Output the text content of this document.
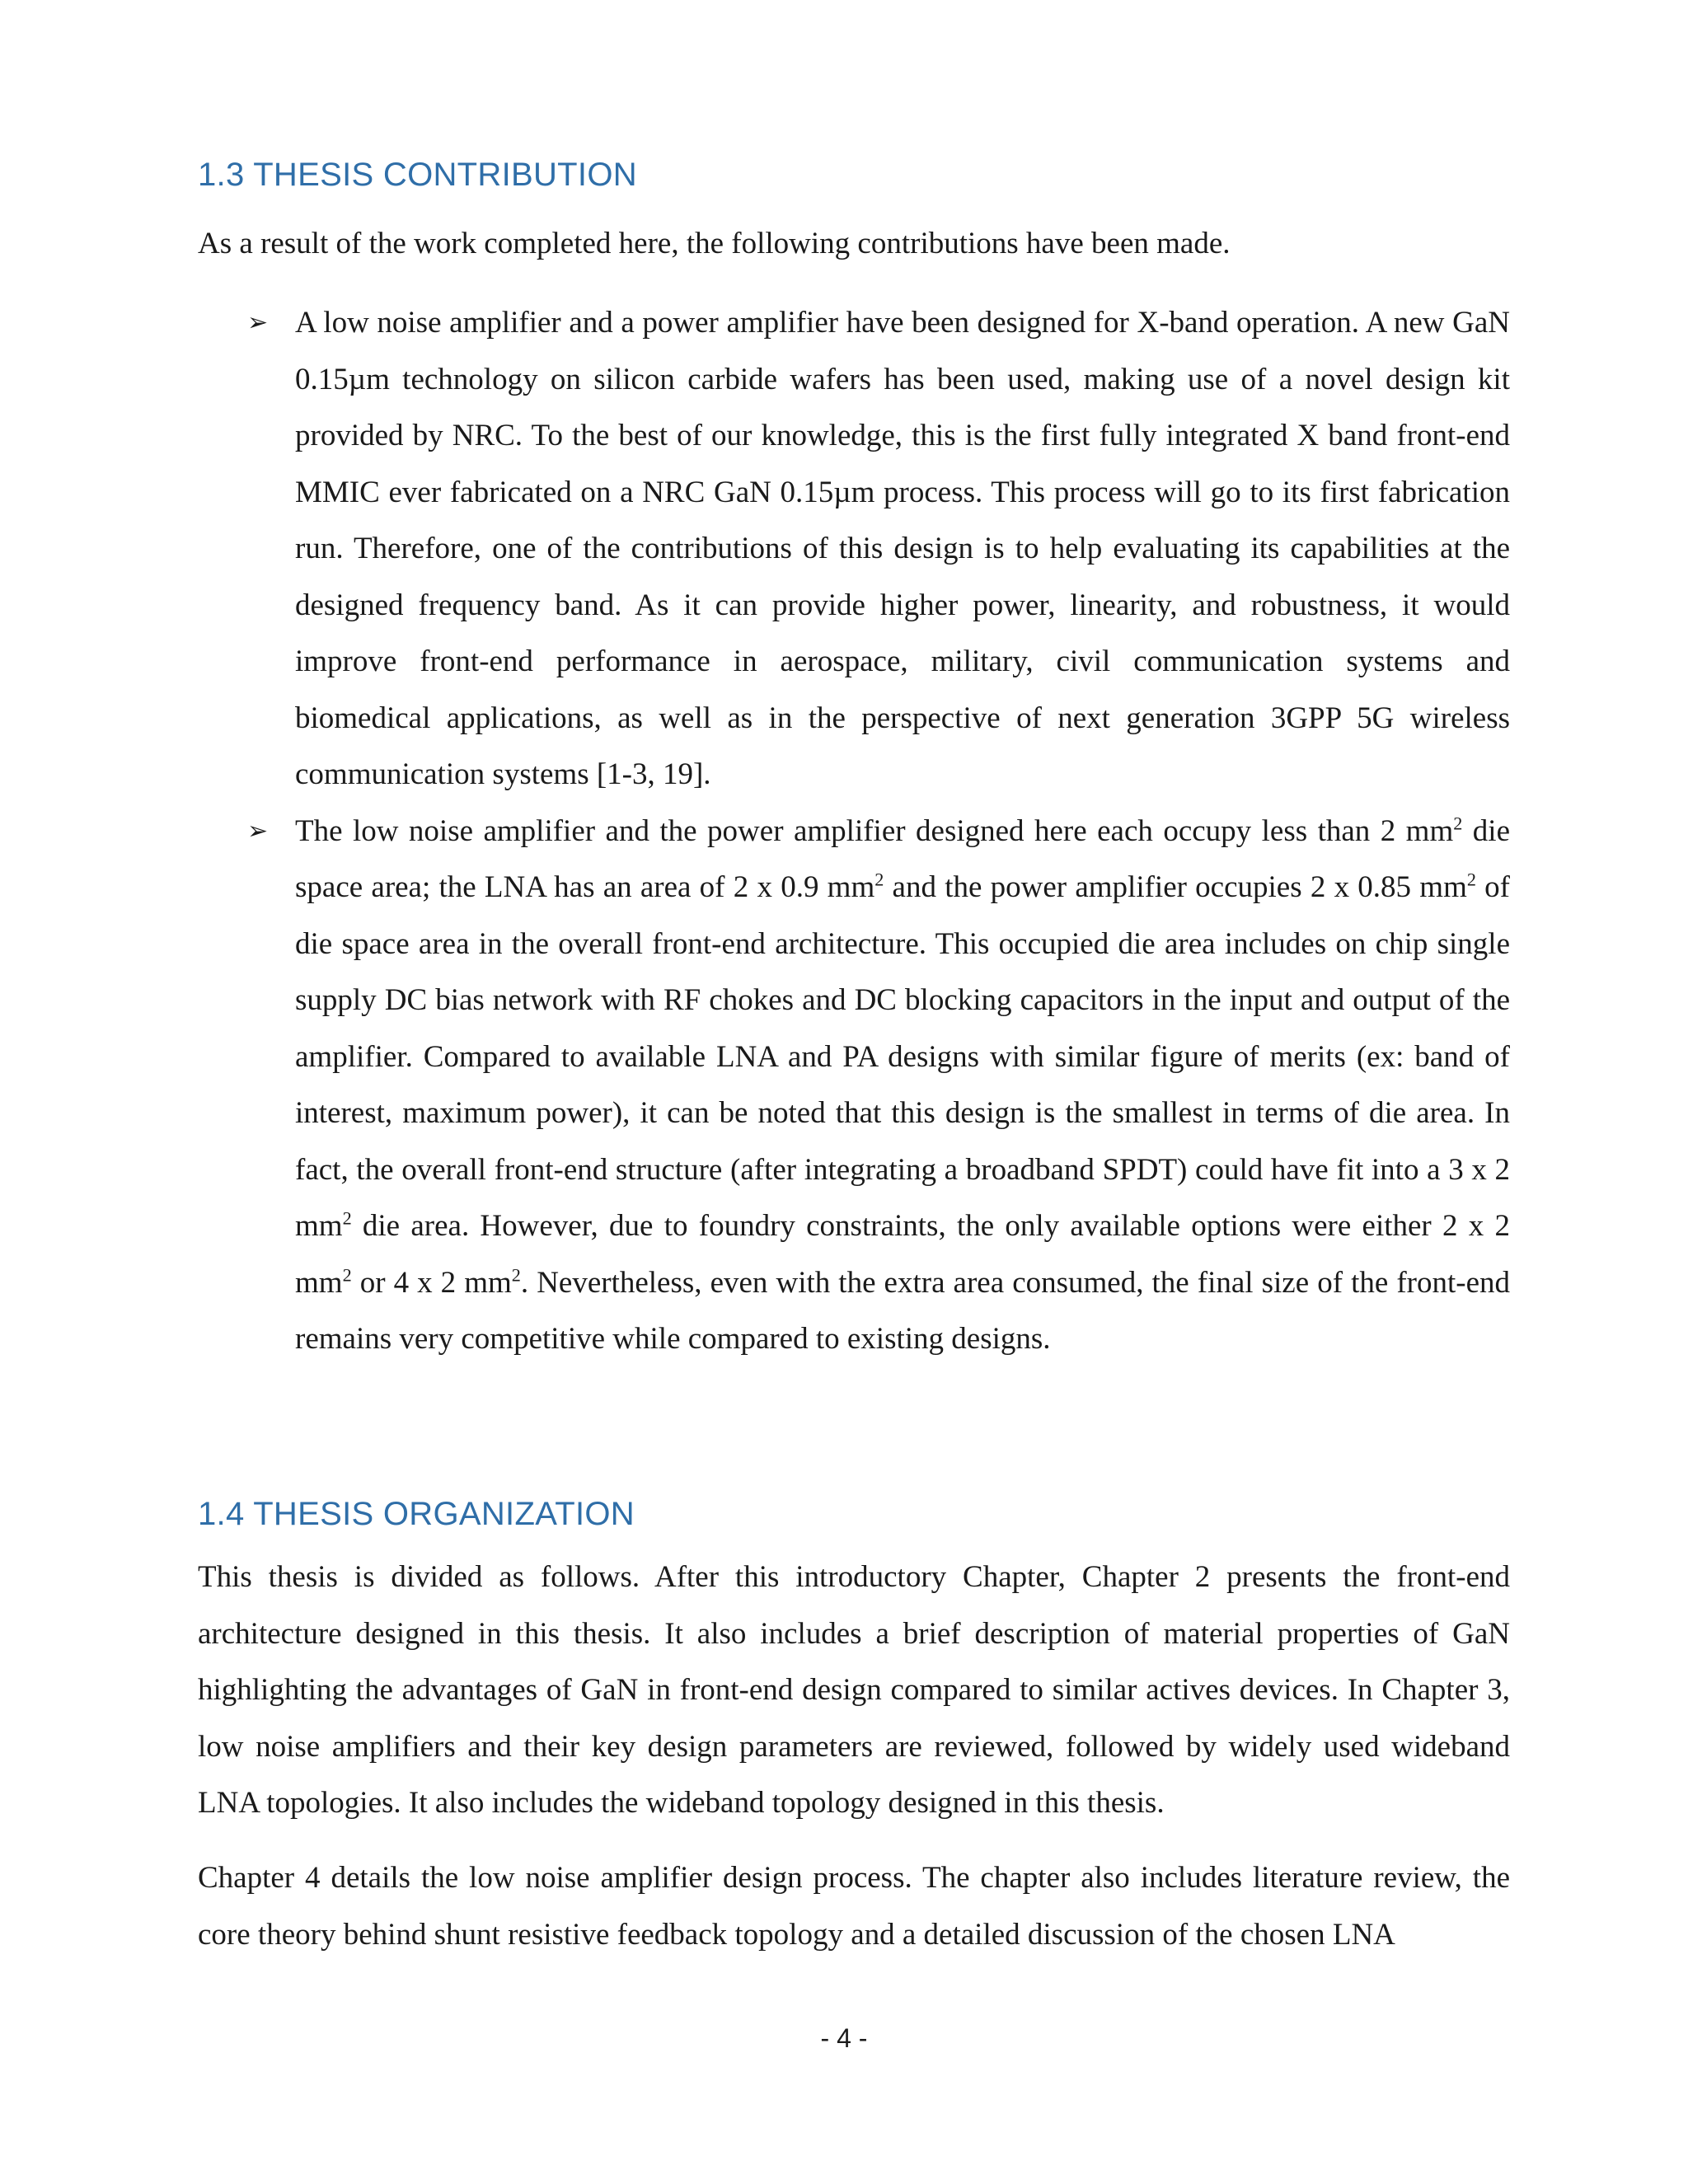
1.3 THESIS CONTRIBUTION

As a result of the work completed here, the following contributions have been made.

➢ A low noise amplifier and a power amplifier have been designed for X-band operation. A new GaN 0.15µm technology on silicon carbide wafers has been used, making use of a novel design kit provided by NRC. To the best of our knowledge, this is the first fully integrated X band front-end MMIC ever fabricated on a NRC GaN 0.15µm process. This process will go to its first fabrication run. Therefore, one of the contributions of this design is to help evaluating its capabilities at the designed frequency band. As it can provide higher power, linearity, and robustness, it would improve front-end performance in aerospace, military, civil communication systems and biomedical applications, as well as in the perspective of next generation 3GPP 5G wireless communication systems [1-3, 19].
➢ The low noise amplifier and the power amplifier designed here each occupy less than 2 $mm^2$ die space area; the LNA has an area of 2 x 0.9 $mm^2$ and the power amplifier occupies 2 x 0.85 $mm^2$ of die space area in the overall front-end architecture. This occupied die area includes on chip single supply DC bias network with RF chokes and DC blocking capacitors in the input and output of the amplifier. Compared to available LNA and PA designs with similar figure of merits (ex: band of interest, maximum power), it can be noted that this design is the smallest in terms of die area. In fact, the overall front-end structure (after integrating a broadband SPDT) could have fit into a 3 x 2 $mm^2$ die area. However, due to foundry constraints, the only available options were either 2 x 2 $mm^2$ or 4 x 2 $mm^2$. Nevertheless, even with the extra area consumed, the final size of the front-end remains very competitive while compared to existing designs.
1.4 THESIS ORGANIZATION

This thesis is divided as follows. After this introductory Chapter, Chapter 2 presents the front-end architecture designed in this thesis. It also includes a brief description of material properties of GaN highlighting the advantages of GaN in front-end design compared to similar actives devices. In Chapter 3, low noise amplifiers and their key design parameters are reviewed, followed by widely used wideband LNA topologies. It also includes the wideband topology designed in this thesis.

Chapter 4 details the low noise amplifier design process. The chapter also includes literature review, the core theory behind shunt resistive feedback topology and a detailed discussion of the chosen LNA

- 4 -
